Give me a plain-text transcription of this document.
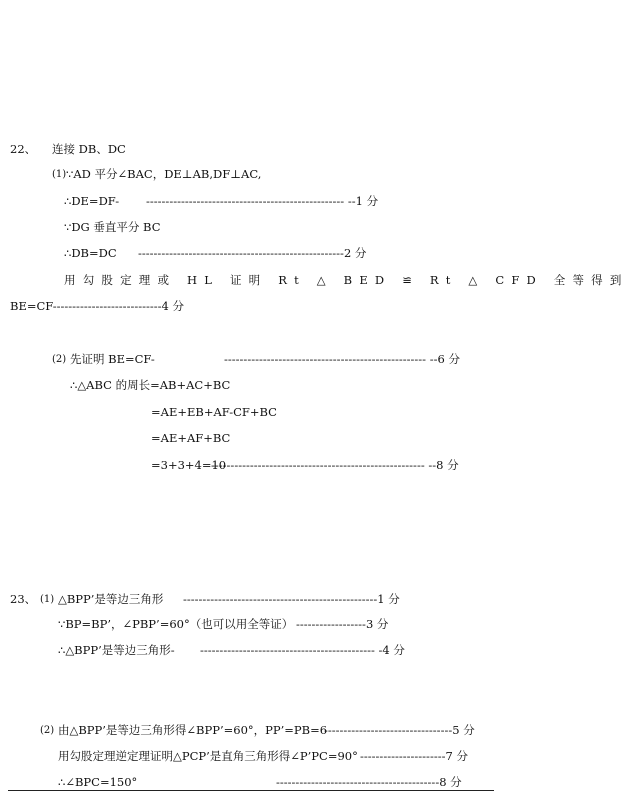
22、 连接 DB、DC
(1) ∵AD 平分∠BAC，DE⊥AB,DF⊥AC,
∴DE=DF- --------------------------------------------------- --1 分
∵DG 垂直平分 BC
∴DB=DC -----------------------------------------------------2 分
用勾股定理或 HL 证明 Rt △ BED ≌ Rt △ CFD 全等得到
BE=CF----------------------------4 分
(2) 先证明 BE=CF-	---------------------------------------------------- --6 分
∴△ABC 的周长=AB+AC+BC
=AE+EB+AF-CF+BC
=AE+AF+BC
=3+3+4=10
------------------------------------------------------- --8 分
23、 (1) △BPP’是等边三角形 --------------------------------------------------1 分
∵BP=BP’，∠PBP’=60°（也可以用全等证） ------------------3 分
∴△BPP’是等边三角形- --------------------------------------------- -4 分
(2) 由△BPP’是等边三角形得∠BPP’=60°，PP’=PB=6
---------------------------------5 分
用勾股定理逆定理证明△PCP’是直角三角形得∠P’PC=90° ----------------------7 分
∴∠BPC=150°	------------------------------------------8 分
